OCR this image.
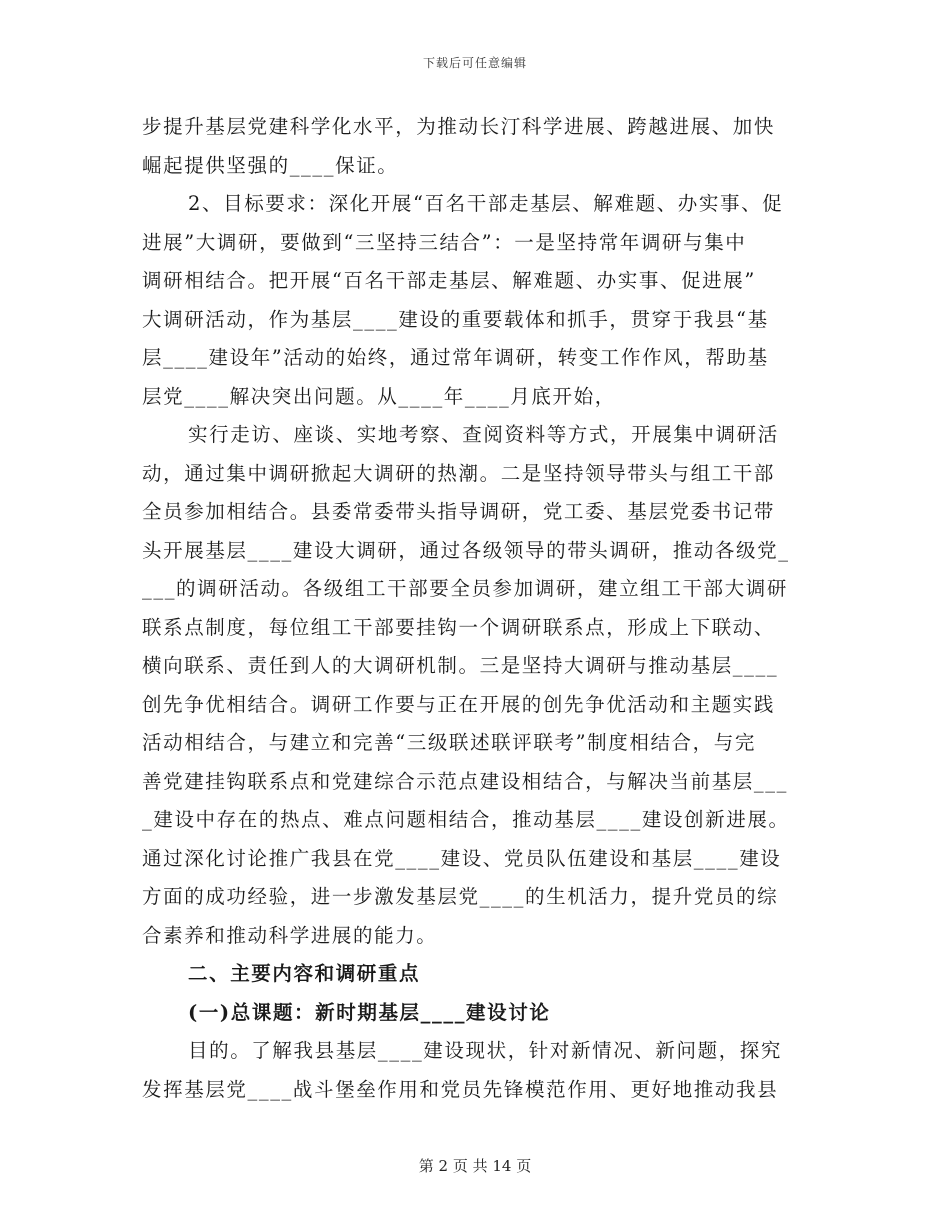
下载后可任意编辑
步提升基层党建科学化水平，为推动长汀科学进展、跨越进展、加快
崛起提供坚强的____保证。
2、目标要求：深化开展“百名干部走基层、解难题、办实事、促
进展”大调研，要做到“三坚持三结合”：一是坚持常年调研与集中
调研相结合。把开展“百名干部走基层、解难题、办实事、促进展”
大调研活动，作为基层____建设的重要载体和抓手，贯穿于我县“基
层____建设年”活动的始终，通过常年调研，转变工作作风，帮助基
层党____解决突出问题。从____年____月底开始，
实行走访、座谈、实地考察、查阅资料等方式，开展集中调研活
动，通过集中调研掀起大调研的热潮。二是坚持领导带头与组工干部
全员参加相结合。县委常委带头指导调研，党工委、基层党委书记带
头开展基层____建设大调研，通过各级领导的带头调研，推动各级党_
___的调研活动。各级组工干部要全员参加调研，建立组工干部大调研
联系点制度，每位组工干部要挂钩一个调研联系点，形成上下联动、
横向联系、责任到人的大调研机制。三是坚持大调研与推动基层____
创先争优相结合。调研工作要与正在开展的创先争优活动和主题实践
活动相结合，与建立和完善“三级联述联评联考”制度相结合，与完
善党建挂钩联系点和党建综合示范点建设相结合，与解决当前基层___
_建设中存在的热点、难点问题相结合，推动基层____建设创新进展。
通过深化讨论推广我县在党____建设、党员队伍建设和基层____建设
方面的成功经验，进一步激发基层党____的生机活力，提升党员的综
合素养和推动科学进展的能力。
二、主要内容和调研重点
(一)总课题：新时期基层____建设讨论
目的。了解我县基层____建设现状，针对新情况、新问题，探究
发挥基层党____战斗堡垒作用和党员先锋模范作用、更好地推动我县
第 2 页 共 14 页
